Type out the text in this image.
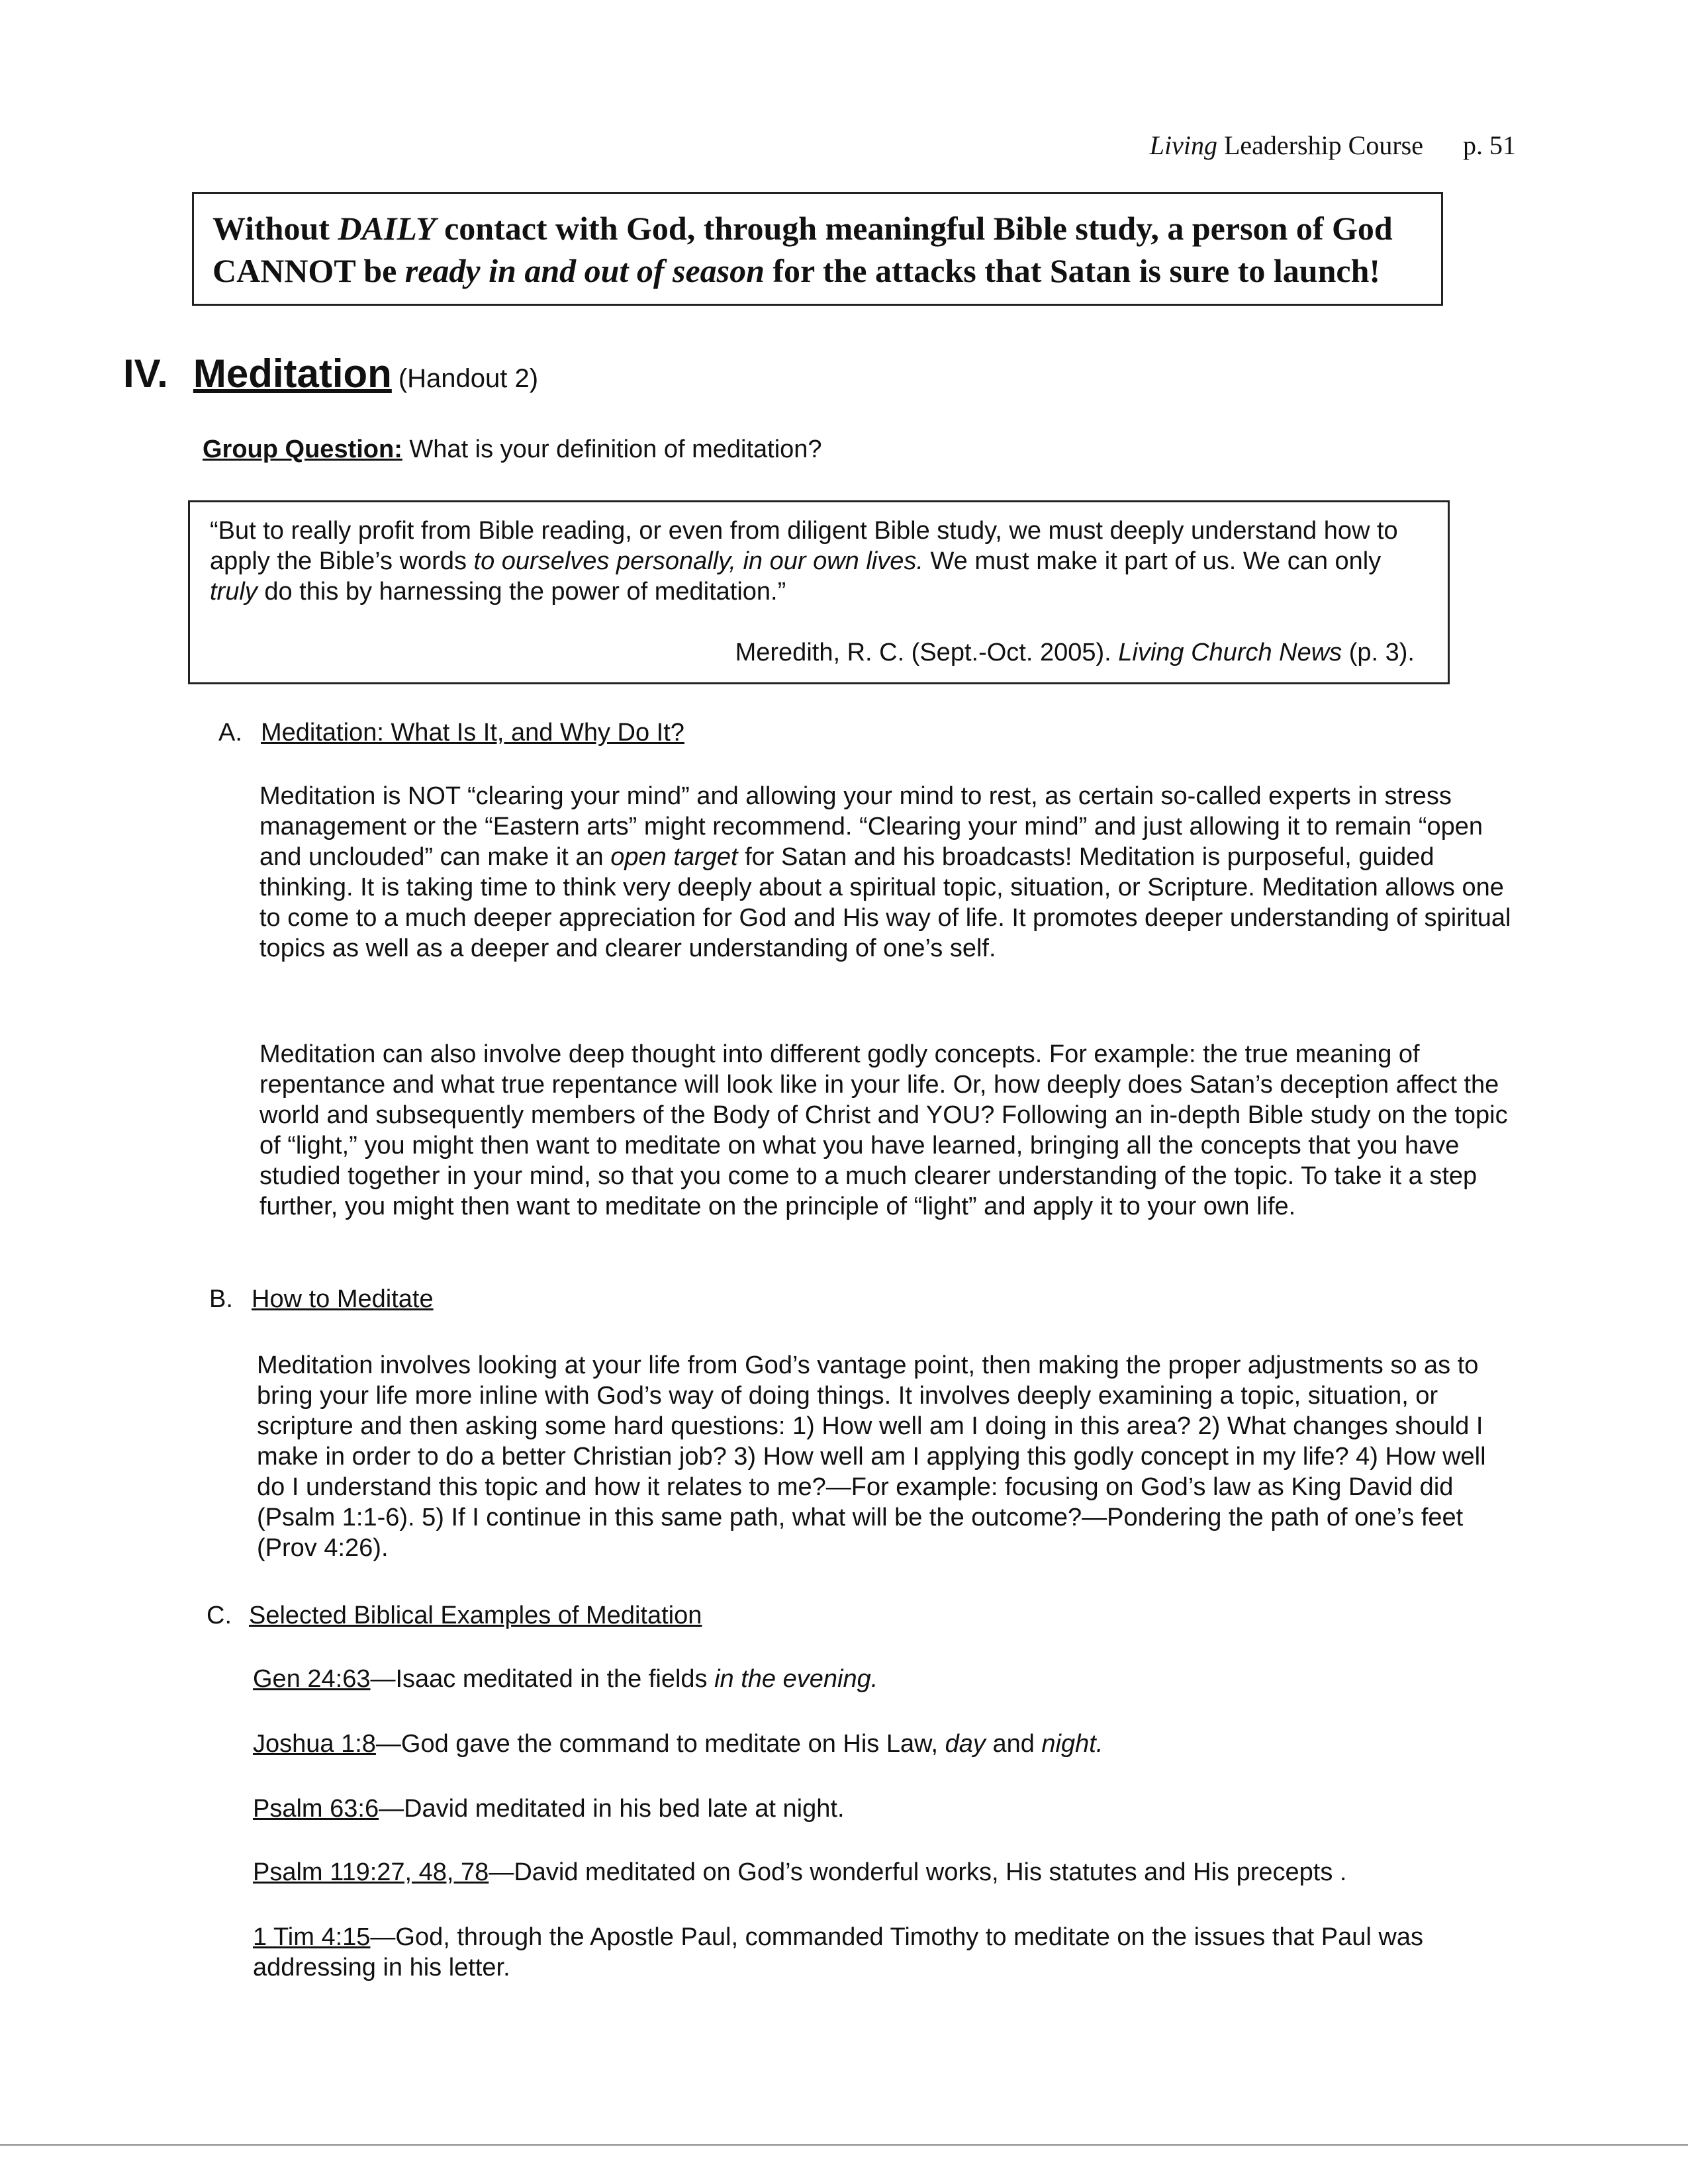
Living Leadership Course p. 51
Without DAILY contact with God, through meaningful Bible study, a person of God CANNOT be ready in and out of season for the attacks that Satan is sure to launch!
IV. Meditation (Handout 2)
Group Question: What is your definition of meditation?
“But to really profit from Bible reading, or even from diligent Bible study, we must deeply understand how to apply the Bible’s words to ourselves personally, in our own lives. We must make it part of us. We can only truly do this by harnessing the power of meditation.”
Meredith, R. C. (Sept.-Oct. 2005). Living Church News (p. 3).
A. Meditation: What Is It, and Why Do It?
Meditation is NOT “clearing your mind” and allowing your mind to rest, as certain so-called experts in stress management or the “Eastern arts” might recommend. “Clearing your mind” and just allowing it to remain “open and unclouded” can make it an open target for Satan and his broadcasts! Meditation is purposeful, guided thinking. It is taking time to think very deeply about a spiritual topic, situation, or Scripture. Meditation allows one to come to a much deeper appreciation for God and His way of life. It promotes deeper understanding of spiritual topics as well as a deeper and clearer understanding of one’s self.
Meditation can also involve deep thought into different godly concepts. For example: the true meaning of repentance and what true repentance will look like in your life. Or, how deeply does Satan’s deception affect the world and subsequently members of the Body of Christ and YOU? Following an in-depth Bible study on the topic of “light,” you might then want to meditate on what you have learned, bringing all the concepts that you have studied together in your mind, so that you come to a much clearer understanding of the topic. To take it a step further, you might then want to meditate on the principle of “light” and apply it to your own life.
B. How to Meditate
Meditation involves looking at your life from God’s vantage point, then making the proper adjustments so as to bring your life more inline with God’s way of doing things. It involves deeply examining a topic, situation, or scripture and then asking some hard questions: 1) How well am I doing in this area? 2) What changes should I make in order to do a better Christian job? 3) How well am I applying this godly concept in my life? 4) How well do I understand this topic and how it relates to me?—For example: focusing on God’s law as King David did (Psalm 1:1-6). 5) If I continue in this same path, what will be the outcome?—Pondering the path of one’s feet (Prov 4:26).
C. Selected Biblical Examples of Meditation
Gen 24:63—Isaac meditated in the fields in the evening.
Joshua 1:8—God gave the command to meditate on His Law, day and night.
Psalm 63:6—David meditated in his bed late at night.
Psalm 119:27, 48, 78—David meditated on God’s wonderful works, His statutes and His precepts .
1 Tim 4:15—God, through the Apostle Paul, commanded Timothy to meditate on the issues that Paul was addressing in his letter.
